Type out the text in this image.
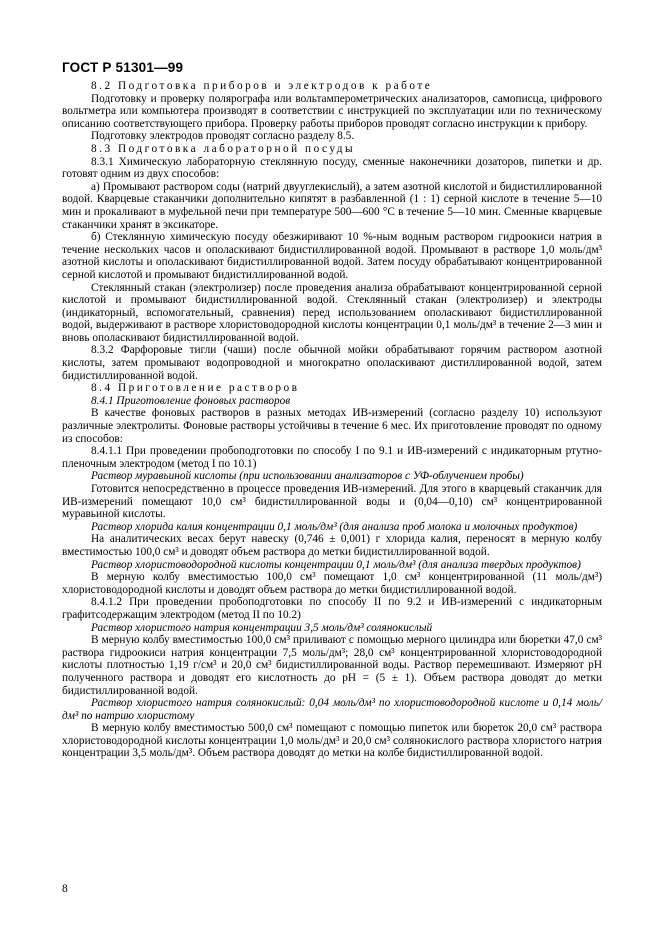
ГОСТ Р 51301—99

8.2 Подготовка приборов и электродов к работе

Подготовку и проверку полярографа или вольтамперометрических анализаторов, самописца, цифрового вольтметра или компьютера производят в соответствии с инструкцией по эксплуатации или по техническому описанию соответствующего прибора. Проверку работы приборов проводят согласно инструкции к прибору.

Подготовку электродов проводят согласно разделу 8.5.

8.3 Подготовка лабораторной посуды

8.3.1 Химическую лабораторную стеклянную посуду, сменные наконечники дозаторов, пипетки и др. готовят одним из двух способов:

а) Промывают раствором соды (натрий двууглекислый), а затем азотной кислотой и бидистиллированной водой. Кварцевые стаканчики дополнительно кипятят в разбавленной (1 : 1) серной кислоте в течение 5—10 мин и прокаливают в муфельной печи при температуре 500—600 °С в течение 5—10 мин. Сменные кварцевые стаканчики хранят в эксикаторе.

б) Стеклянную химическую посуду обезжиривают 10 %-ным водным раствором гидроокиси натрия в течение нескольких часов и ополаскивают бидистиллированной водой. Промывают в растворе 1,0 моль/дм³ азотной кислоты и ополаскивают бидистиллированной водой. Затем посуду обрабатывают концентрированной серной кислотой и промывают бидистиллированной водой.

Стеклянный стакан (электролизер) после проведения анализа обрабатывают концентрированной серной кислотой и промывают бидистиллированной водой. Стеклянный стакан (электролизер) и электроды (индикаторный, вспомогательный, сравнения) перед использованием ополаскивают бидистиллированной водой, выдерживают в растворе хлористоводородной кислоты концентрации 0,1 моль/дм³ в течение 2—3 мин и вновь ополаскивают бидистиллированной водой.

8.3.2 Фарфоровые тигли (чаши) после обычной мойки обрабатывают горячим раствором азотной кислоты, затем промывают водопроводной и многократно ополаскивают дистиллированной водой, затем бидистиллированной водой.

8.4 Приготовление растворов

8.4.1 Приготовление фоновых растворов

В качестве фоновых растворов в разных методах ИВ-измерений (согласно разделу 10) используют различные электролиты. Фоновые растворы устойчивы в течение 6 мес. Их приготовление проводят по одному из способов:

8.4.1.1 При проведении пробоподготовки по способу I по 9.1 и ИВ-измерений с индикаторным ртутно-пленочным электродом (метод I по 10.1)

Раствор муравьиной кислоты (при использовании анализаторов с УФ-облучением пробы)

Готовится непосредственно в процессе проведения ИВ-измерений. Для этого в кварцевый стаканчик для ИВ-измерений помещают 10,0 см³ бидистиллированной воды и (0,04—0,10) см³ концентрированной муравьиной кислоты.

Раствор хлорида калия концентрации 0,1 моль/дм³ (для анализа проб молока и молочных продуктов)

На аналитических весах берут навеску (0,746 ± 0,001) г хлорида калия, переносят в мерную колбу вместимостью 100,0 см³ и доводят объем раствора до метки бидистиллированной водой.

Раствор хлористоводородной кислоты концентрации 0,1 моль/дм³ (для анализа твердых продуктов)

В мерную колбу вместимостью 100,0 см³ помещают 1,0 см³ концентрированной (11 моль/дм³) хлористоводородной кислоты и доводят объем раствора до метки бидистиллированной водой.

8.4.1.2 При проведении пробоподготовки по способу II по 9.2 и ИВ-измерений с индикаторным графитсодержащим электродом (метод II по 10.2)

Раствор хлористого натрия концентрации 3,5 моль/дм³ солянокислый

В мерную колбу вместимостью 100,0 см³ приливают с помощью мерного цилиндра или бюретки 47,0 см³ раствора гидроокиси натрия концентрации 7,5 моль/дм³; 28,0 см³ концентрированной хлористоводородной кислоты плотностью 1,19 г/см³ и 20,0 см³ бидистиллированной воды. Раствор перемешивают. Измеряют pH полученного раствора и доводят его кислотность до pH = (5 ± 1). Объем раствора доводят до метки бидистиллированной водой.

Раствор хлористого натрия солянокислый: 0,04 моль/дм³ по хлористоводородной кислоте и 0,14 моль/дм³ по натрию хлористому

В мерную колбу вместимостью 500,0 см³ помещают с помощью пипеток или бюреток 20,0 см³ раствора хлористоводородной кислоты концентрации 1,0 моль/дм³ и 20,0 см³ солянокислого раствора хлористого натрия концентрации 3,5 моль/дм³. Объем раствора доводят до метки на колбе бидистиллированной водой.

8
